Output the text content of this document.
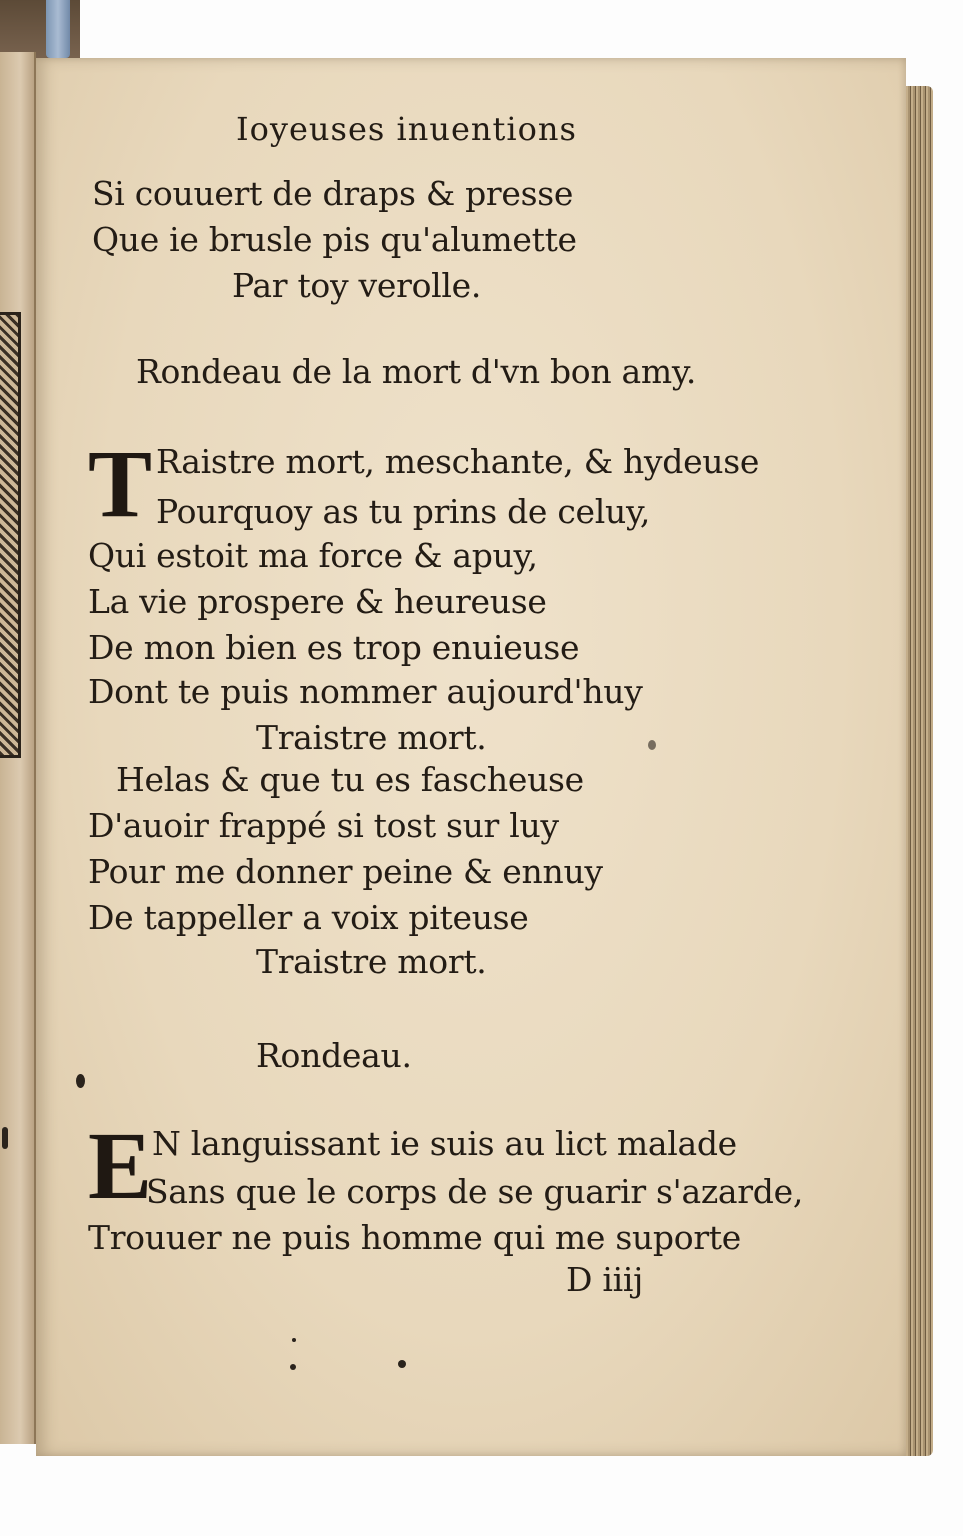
Ioyeuses inuentions
Si couuert de draps & presse
Que ie brusle pis qu'alumette
Par toy verolle.
Rondeau de la mort d'vn bon amy.
T Raistre mort, meschante, & hydeuse
Pourquoy as tu prins de celuy,
Qui estoit ma force & apuy,
La vie prospere & heureuse
De mon bien es trop enuieuse
Dont te puis nommer aujourd'huy
Traistre mort.
Helas & que tu es fascheuse
D'auoir frappé si tost sur luy
Pour me donner peine & ennuy
De tappeller a voix piteuse
Traistre mort.
Rondeau.
E N languissant ie suis au lict malade
Sans que le corps de se guarir s'azarde,
Trouuer ne puis homme qui me suporte
D iiij
